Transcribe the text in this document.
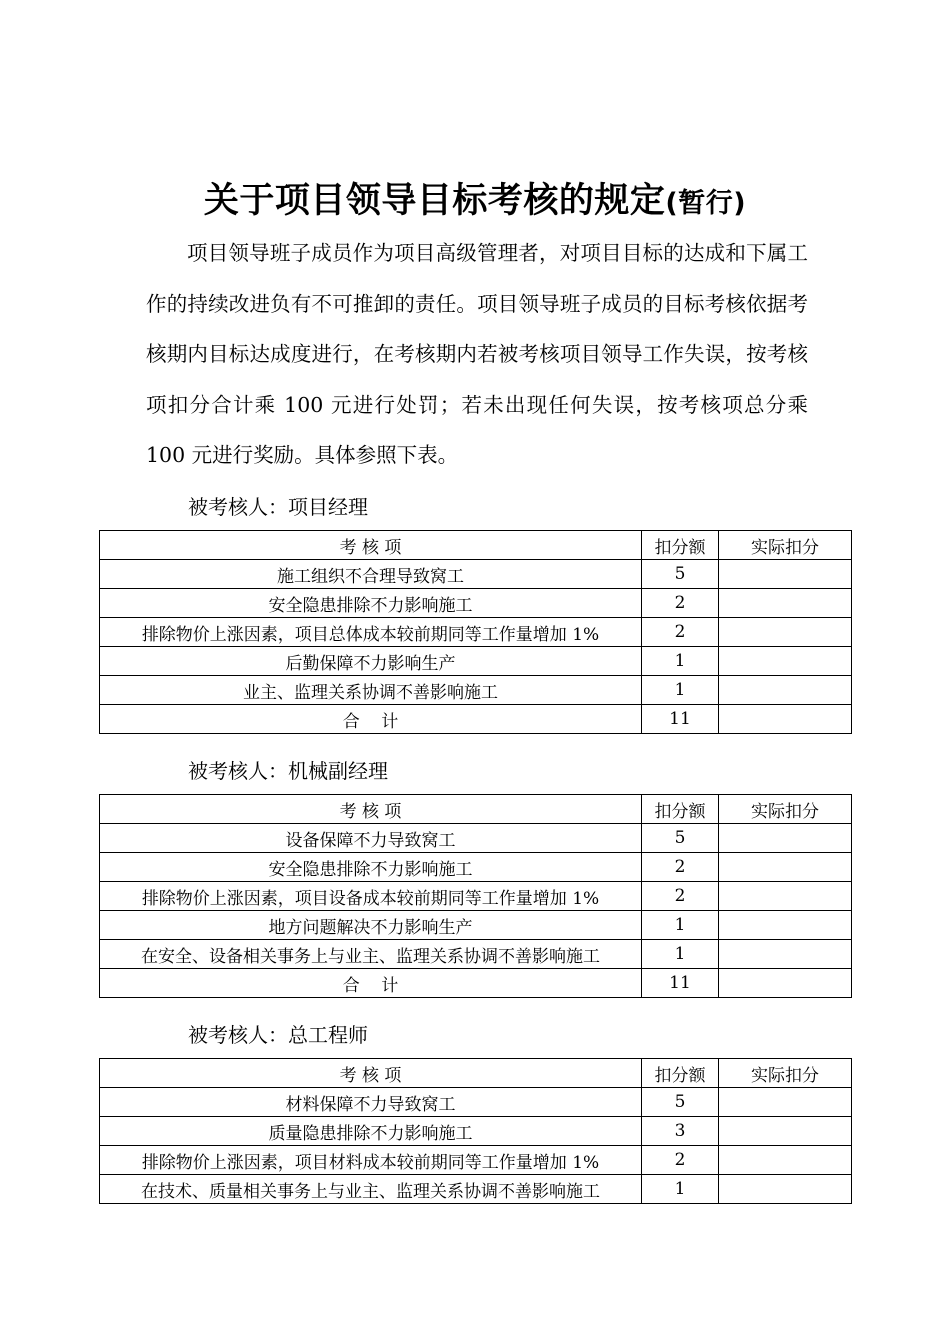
关于项目领导目标考核的规定(暂行)

项目领导班子成员作为项目高级管理者，对项目目标的达成和下属工作的持续改进负有不可推卸的责任。项目领导班子成员的目标考核依据考核期内目标达成度进行，在考核期内若被考核项目领导工作失误，按考核项扣分合计乘 100 元进行处罚；若未出现任何失误，按考核项总分乘 100 元进行奖励。具体参照下表。

被考核人：项目经理
考 核 项	扣分额	实际扣分
施工组织不合理导致窝工	5	
安全隐患排除不力影响施工	2	
排除物价上涨因素，项目总体成本较前期同等工作量增加 1%	2	
后勤保障不力影响生产	1	
业主、监理关系协调不善影响施工	1	
合    计	11	
被考核人：机械副经理
考 核 项	扣分额	实际扣分
设备保障不力导致窝工	5	
安全隐患排除不力影响施工	2	
排除物价上涨因素，项目设备成本较前期同等工作量增加 1%	2	
地方问题解决不力影响生产	1	
在安全、设备相关事务上与业主、监理关系协调不善影响施工	1	
合    计	11	
被考核人：总工程师
考 核 项	扣分额	实际扣分
材料保障不力导致窝工	5	
质量隐患排除不力影响施工	3	
排除物价上涨因素，项目材料成本较前期同等工作量增加 1%	2	
在技术、质量相关事务上与业主、监理关系协调不善影响施工	1	
